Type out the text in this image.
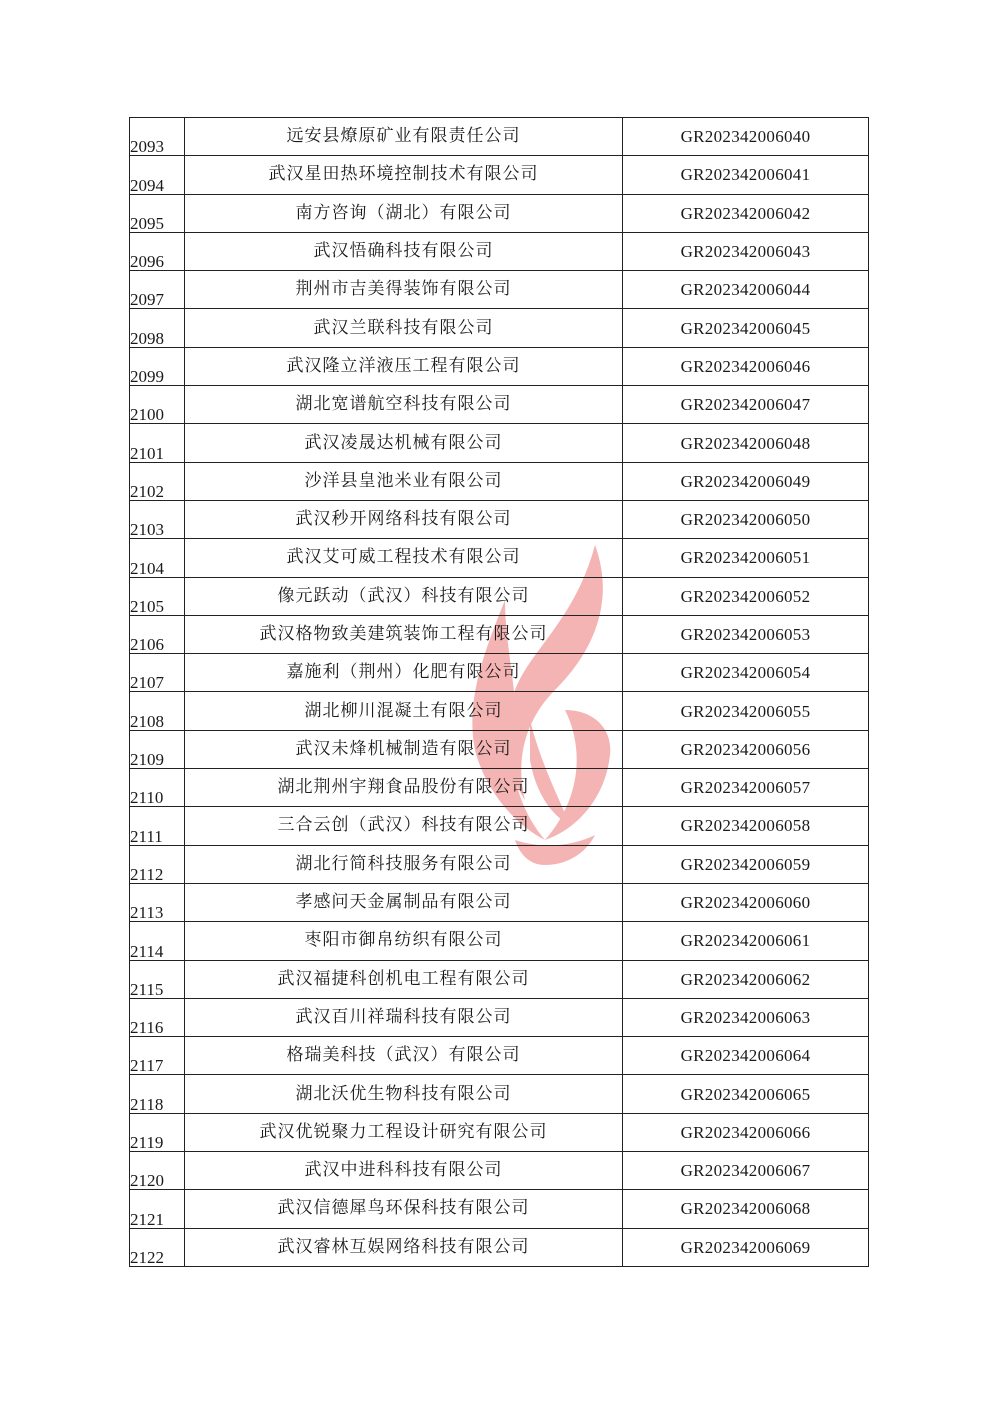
2093	远安县燎原矿业有限责任公司	GR202342006040
2094	武汉星田热环境控制技术有限公司	GR202342006041
2095	南方咨询（湖北）有限公司	GR202342006042
2096	武汉悟确科技有限公司	GR202342006043
2097	荆州市吉美得装饰有限公司	GR202342006044
2098	武汉兰联科技有限公司	GR202342006045
2099	武汉隆立洋液压工程有限公司	GR202342006046
2100	湖北宽谱航空科技有限公司	GR202342006047
2101	武汉凌晟达机械有限公司	GR202342006048
2102	沙洋县皇池米业有限公司	GR202342006049
2103	武汉秒开网络科技有限公司	GR202342006050
2104	武汉艾可威工程技术有限公司	GR202342006051
2105	像元跃动（武汉）科技有限公司	GR202342006052
2106	武汉格物致美建筑装饰工程有限公司	GR202342006053
2107	嘉施利（荆州）化肥有限公司	GR202342006054
2108	湖北柳川混凝土有限公司	GR202342006055
2109	武汉未烽机械制造有限公司	GR202342006056
2110	湖北荆州宇翔食品股份有限公司	GR202342006057
2111	三合云创（武汉）科技有限公司	GR202342006058
2112	湖北行简科技服务有限公司	GR202342006059
2113	孝感问天金属制品有限公司	GR202342006060
2114	枣阳市御帛纺织有限公司	GR202342006061
2115	武汉福捷科创机电工程有限公司	GR202342006062
2116	武汉百川祥瑞科技有限公司	GR202342006063
2117	格瑞美科技（武汉）有限公司	GR202342006064
2118	湖北沃优生物科技有限公司	GR202342006065
2119	武汉优锐聚力工程设计研究有限公司	GR202342006066
2120	武汉中进科科技有限公司	GR202342006067
2121	武汉信德犀鸟环保科技有限公司	GR202342006068
2122	武汉睿林互娱网络科技有限公司	GR202342006069
